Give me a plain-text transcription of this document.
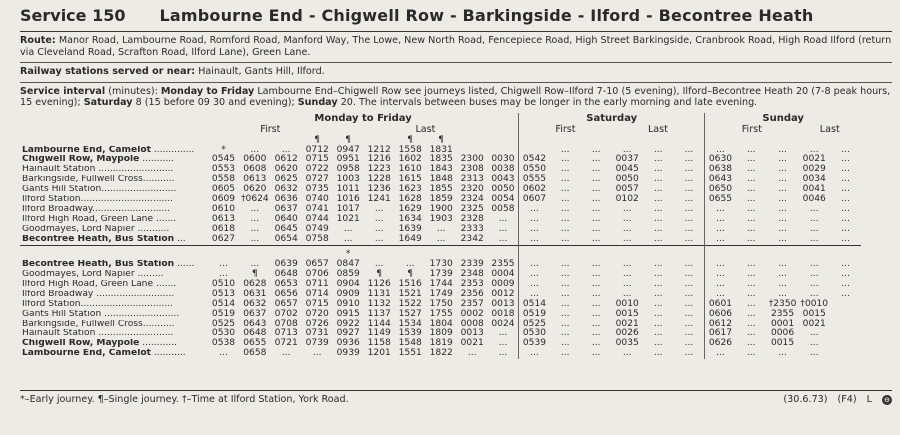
Service 150 Lambourne End - Chigwell Row - Barkingside - Ilford - Becontree Heath
Route: Manor Road, Lambourne Road, Romford Road, Manford Way, The Lowe, New North Road, Fencepiece Road, High Street Barkingside, Cranbrook Road, High Road Ilford (return via Cleveland Road, Scrafton Road, Ilford Lane), Green Lane.
Railway stations served or near: Hainault, Gants Hill, Ilford.
Service interval (minutes): Monday to Friday Lambourne End–Chigwell Row see journeys listed, Chigwell Row–Ilford 7-10 (5 evening), Ilford–Becontree Heath 20 (7-8 peak hours, 15 evening); Saturday 8 (15 before 09 30 and evening); Sunday 20. The intervals between buses may be longer in the early morning and late evening.
	Monday to Friday										Saturday						Sunday				
	First				Last						First			Last			First			Last	
				¶	¶		¶	¶													
Lambourne End, Camelot ..............	*	...	...	0712	0947	1212	1558	1831				...	...	...	...	...	...	...	...	...	...
Chigwell Row, Maypole ...........	0545	0600	0612	0715	0951	1216	1602	1835	2300	0030	0542	...	...	0037	...	...	0630	...	...	0021	...
Hainault Station ..........................	0553	0608	0620	0722	0958	1223	1610	1843	2308	0038	0550	...	...	0045	...	...	0638	...	...	0029	...
Barkingside, Fullwell Cross...........	0558	0613	0625	0727	1003	1228	1615	1848	2313	0043	0555	...	...	0050	...	...	0643	...	...	0034	...
Gants Hill Station..........................	0605	0620	0632	0735	1011	1236	1623	1855	2320	0050	0602	...	...	0057	...	...	0650	...	...	0041	...
Ilford Station................................	0609	†0624	0636	0740	1016	1241	1628	1859	2324	0054	0607	...	...	0102	...	...	0655	...	...	0046	...
Ilford Broadway...........................	0610	...	0637	0741	1017	...	1629	1900	2325	0058	...	...	...	...	...	...	...	...	...	...	...
Ilford High Road, Green Lane .......	0613	...	0640	0744	1021	...	1634	1903	2328	...	...	...	...	...	...	...	...	...	...	...	...
Goodmayes, Lord Napier ...........	0618	...	0645	0749	...	...	1639	...	2333	...	...	...	...	...	...	...	...	...	...	...	...
Becontree Heath, Bus Station ...	0627	...	0654	0758	...	...	1649	...	2342	...	...	...	...	...	...	...	...	...	...	...	...

					*																
Becontree Heath, Bus Station ......	...	...	0639	0657	0847	...	...	1730	2339	2355	...	...	...	...	...	...	...	...	...	...	...
Goodmayes, Lord Napier .........	...	¶	0648	0706	0859	¶	¶	1739	2348	0004	...	...	...	...	...	...	...	...	...	...	...
Ilford High Road, Green Lane .......	0510	0628	0653	0711	0904	1126	1516	1744	2353	0009	...	...	...	...	...	...	...	...	...	...	...
Ilford Broadway ...........................	0513	0631	0656	0714	0909	1131	1521	1749	2356	0012	...	...	...	...	...	...	...	...	...	...	...
Ilford Station................................	0514	0632	0657	0715	0910	1132	1522	1750	2357	0013	0514	...	...	0010	...	...	0601	...	†2350	†0010	
Gants Hill Station ..........................	0519	0637	0702	0720	0915	1137	1527	1755	0002	0018	0519	...	...	0015	...	...	0606	...	2355	0015	
Barkingside, Fullwell Cross...........	0525	0643	0708	0726	0922	1144	1534	1804	0008	0024	0525	...	...	0021	...	...	0612	...	0001	0021	
Hainault Station ..........................	0530	0648	0713	0731	0927	1149	1539	1809	0013	...	0530	...	...	0026	...	...	0617	...	0006	...	
Chigwell Row, Maypole ............	0538	0655	0721	0739	0936	1158	1548	1819	0021	...	0539	...	...	0035	...	...	0626	...	0015	...	
Lambourne End, Camelot ...........	...	0658	...	...	0939	1201	1551	1822	...	...	...	...	...	...	...	...	...	...	...	...	
*–Early journey. ¶–Single journey. †–Time at Ilford Station, York Road.	(30.6.73) (F4) L ⊖
